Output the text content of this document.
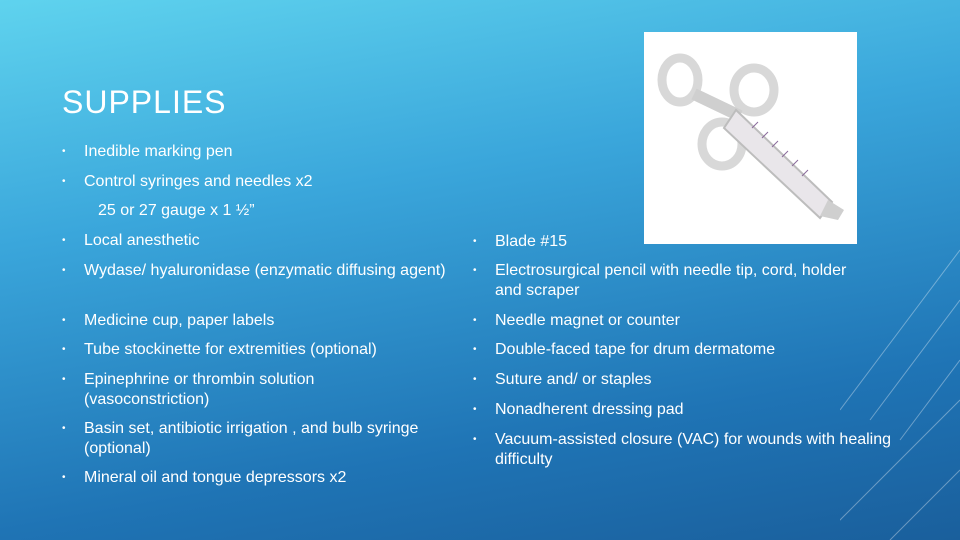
SUPPLIES
• Inedible marking pen
• Control syringes and needles x2
25 or 27 gauge x 1 ½”
• Local anesthetic
• Wydase/ hyaluronidase (enzymatic diffusing agent)
• Medicine cup, paper labels
• Tube stockinette for extremities (optional)
• Epinephrine or thrombin solution (vasoconstriction)
• Basin set, antibiotic irrigation , and bulb syringe (optional)
• Mineral oil and tongue depressors x2
• Blade #15
• Electrosurgical pencil with needle tip, cord, holder and scraper
• Needle magnet or counter
• Double-faced tape for drum dermatome
• Suture and/ or staples
• Nonadherent dressing pad
• Vacuum-assisted closure (VAC) for wounds with healing difficulty
